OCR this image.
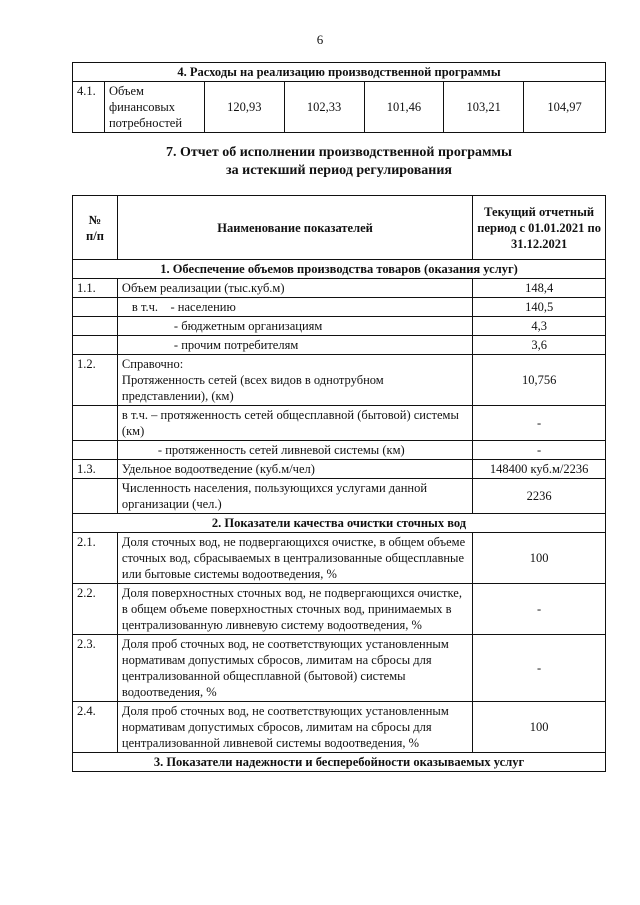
6
4. Расходы на реализацию производственной программы
4.1.	Объем финансовых потребностей	120,93	102,33	101,46	103,21	104,97
7. Отчет об исполнении производственной программы
за истекший период регулирования
№
п/п	Наименование показателей	Текущий отчетный период с 01.01.2021 по 31.12.2021
1. Обеспечение объемов производства товаров (оказания услуг)		
1.1.	Объем реализации (тыс.куб.м)	148,4
	в т.ч.    - населению	140,5
	- бюджетным организациям	4,3
	- прочим потребителям	3,6
1.2.	Справочно:
Протяженность сетей (всех видов в однотрубном представлении), (км)	10,756
	в т.ч. – протяженность сетей общесплавной (бытовой) системы (км)	-
	- протяженность сетей ливневой системы (км)	-
1.3.	Удельное водоотведение (куб.м/чел)	148400 куб.м/2236
	Численность населения, пользующихся услугами данной организации (чел.)	2236
2. Показатели качества очистки сточных вод		
2.1.	Доля сточных вод, не подвергающихся очистке, в общем объеме сточных вод, сбрасываемых в централизованные общесплавные или бытовые системы водоотведения, %	100
2.2.	Доля поверхностных сточных вод, не подвергающихся очистке, в общем объеме поверхностных сточных вод, принимаемых в централизованную ливневую систему водоотведения, %	-
2.3.	Доля проб сточных вод, не соответствующих установленным нормативам допустимых сбросов, лимитам на сбросы для централизованной общесплавной (бытовой) системы водоотведения, %	-
2.4.	Доля проб сточных вод, не соответствующих установленным нормативам допустимых сбросов, лимитам на сбросы для централизованной ливневой системы водоотведения, %	100
3. Показатели надежности и бесперебойности оказываемых услуг		
